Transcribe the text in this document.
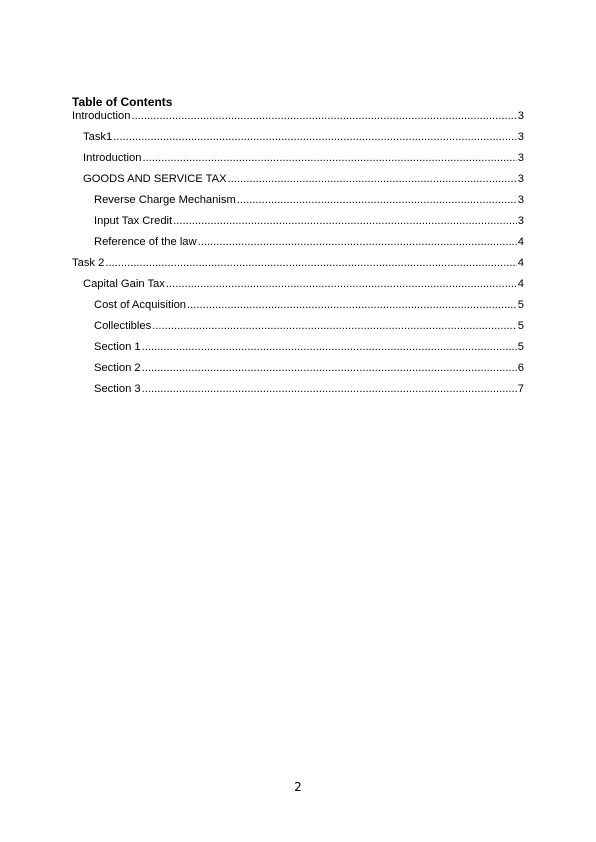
Table of Contents
Introduction .....	3
Task1 .....	3
Introduction .....	3
GOODS AND SERVICE TAX .....	3
Reverse Charge Mechanism .....	3
Input Tax Credit .....	3
Reference of the law .....	4
Task 2 .....	4
Capital Gain Tax .....	4
Cost of Acquisition .....	5
Collectibles .....	5
Section 1 .....	5
Section 2 .....	6
Section 3 .....	7
2
